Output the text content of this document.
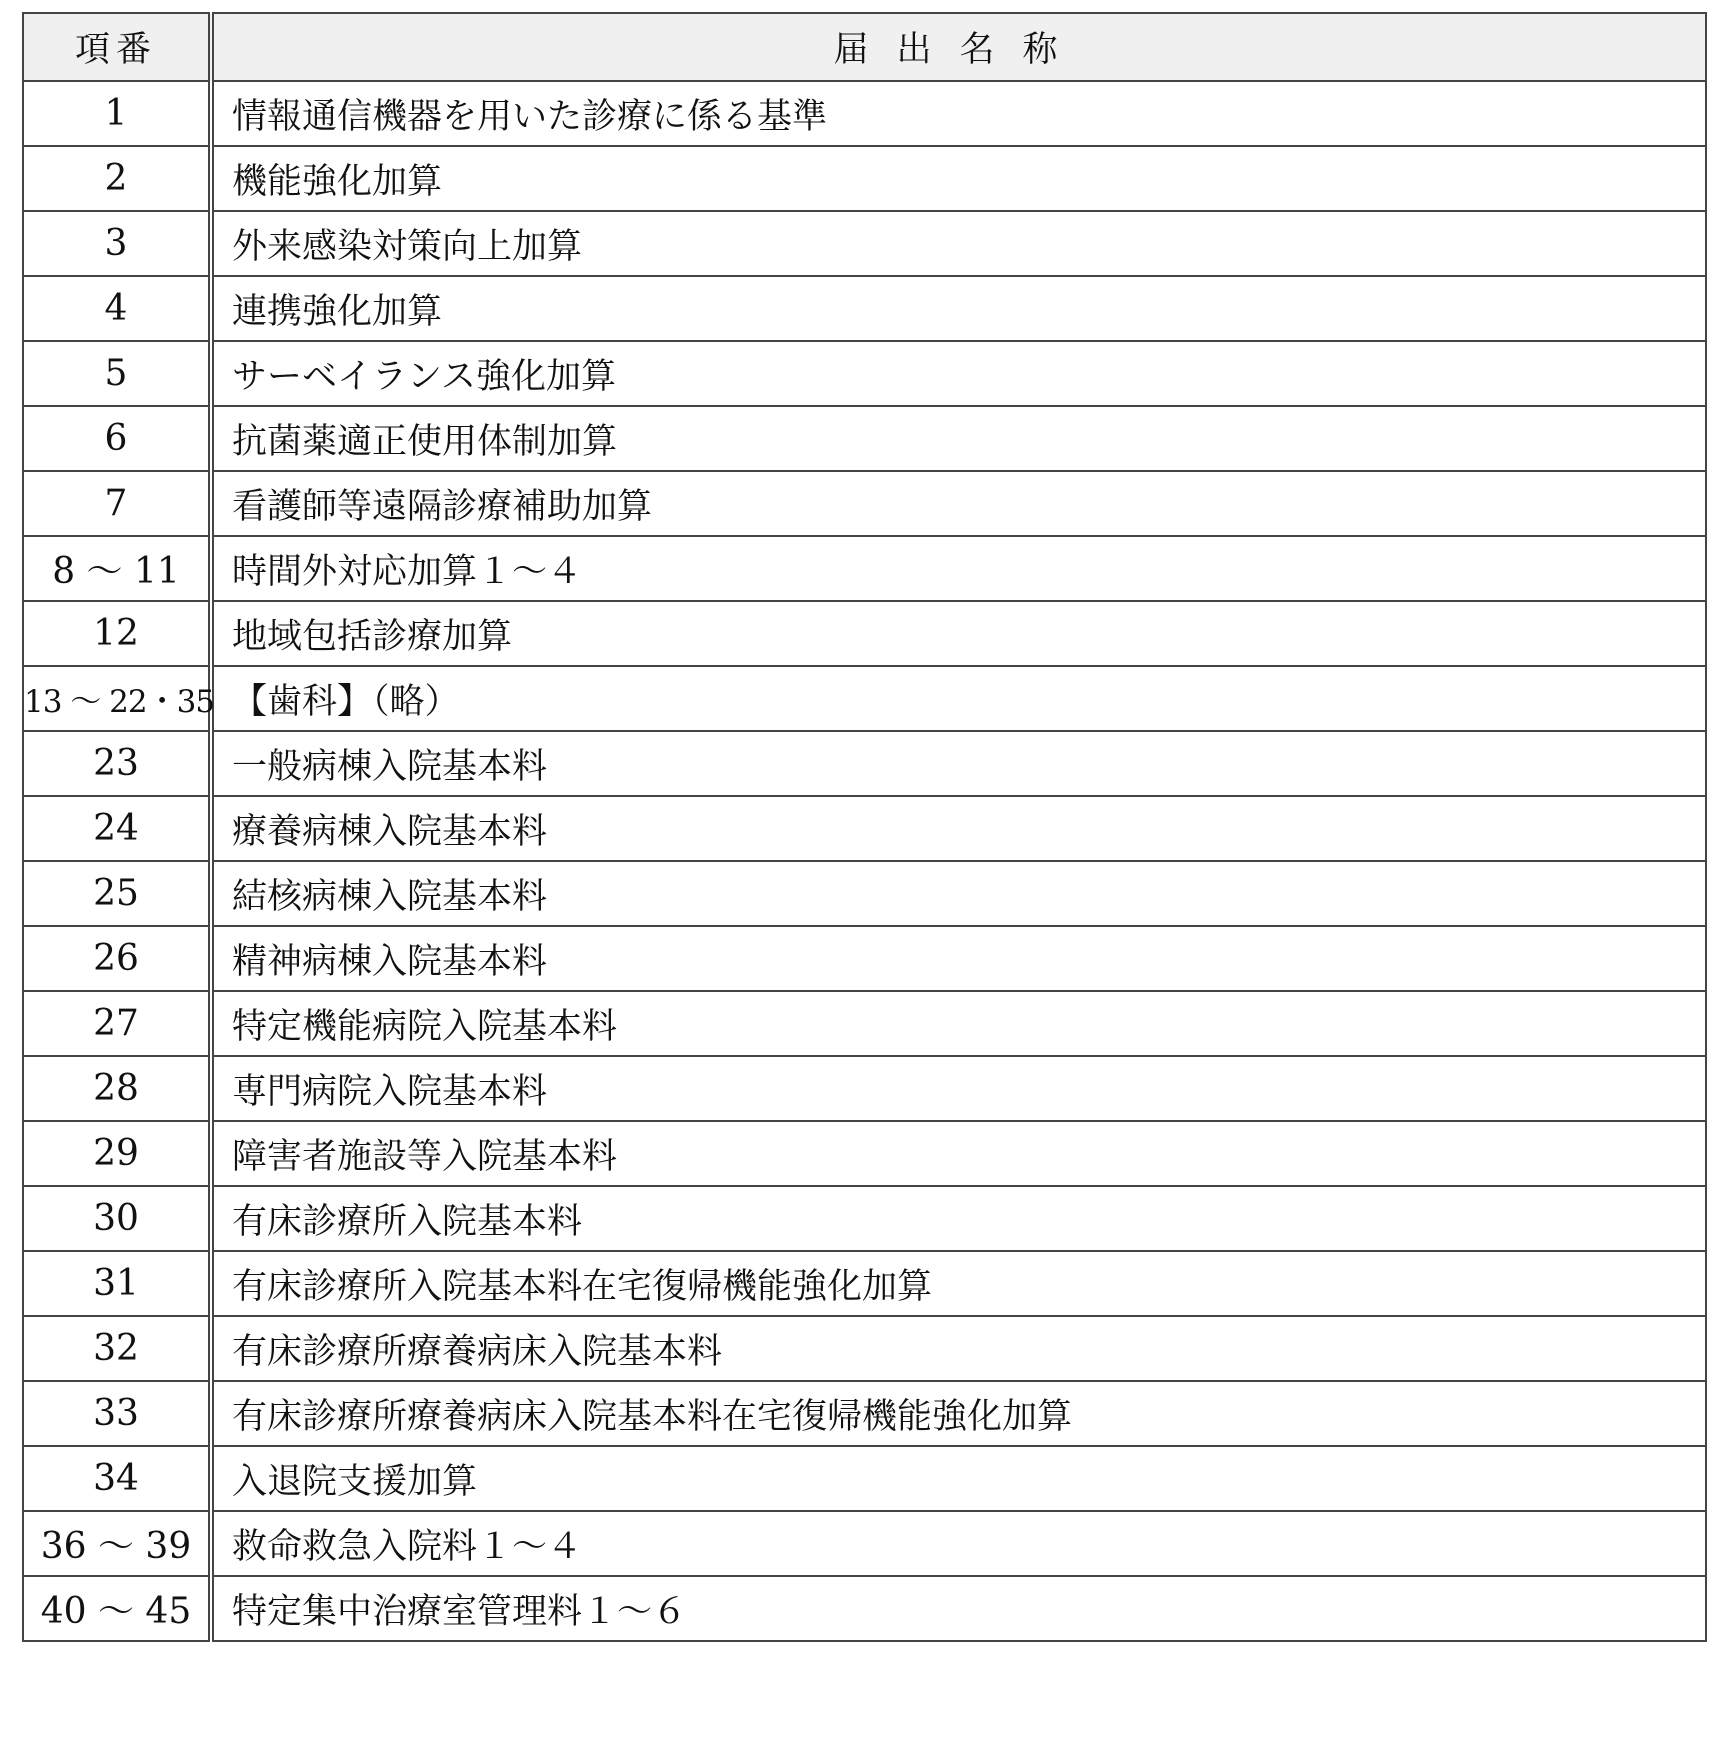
項番	届出名称
1	情報通信機器を用いた診療に係る基準
2	機能強化加算
3	外来感染対策向上加算
4	連携強化加算
5	サーベイランス強化加算
6	抗菌薬適正使用体制加算
7	看護師等遠隔診療補助加算
8 ～ 11	時間外対応加算１～４
12	地域包括診療加算
13 ～ 22・35	【歯科】（略）
23	一般病棟入院基本料
24	療養病棟入院基本料
25	結核病棟入院基本料
26	精神病棟入院基本料
27	特定機能病院入院基本料
28	専門病院入院基本料
29	障害者施設等入院基本料
30	有床診療所入院基本料
31	有床診療所入院基本料在宅復帰機能強化加算
32	有床診療所療養病床入院基本料
33	有床診療所療養病床入院基本料在宅復帰機能強化加算
34	入退院支援加算
36 ～ 39	救命救急入院料１～４
40 ～ 45	特定集中治療室管理料１～６
